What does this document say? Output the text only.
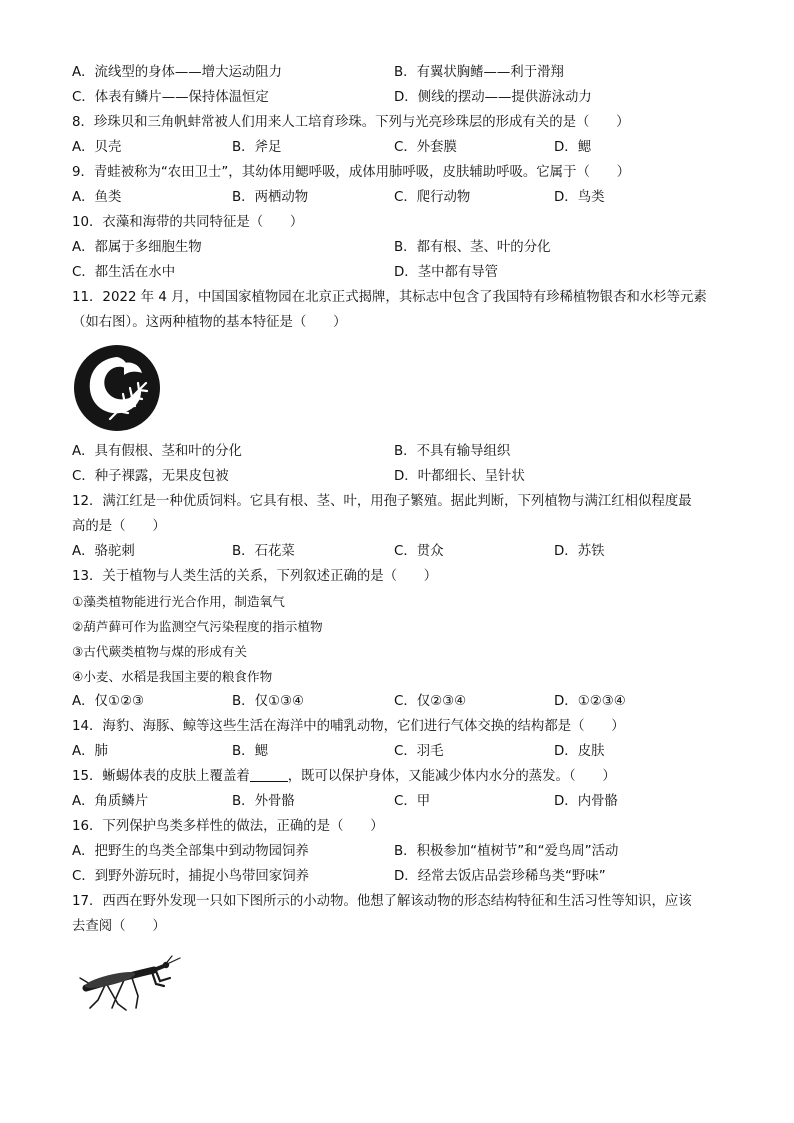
A．流线型的身体——增大运动阻力	B．有翼状胸鳍——利于滑翔
C．体表有鳞片——保持体温恒定	D．侧线的摆动——提供游泳动力
8．珍珠贝和三角帆蚌常被人们用来人工培育珍珠。下列与光亮珍珠层的形成有关的是（　　）
A．贝壳	B．斧足	C．外套膜	D．鳃
9．青蛙被称为“农田卫士”，其幼体用鳃呼吸，成体用肺呼吸，皮肤辅助呼吸。它属于（　　）
A．鱼类	B．两栖动物	C．爬行动物	D．鸟类
10．衣藻和海带的共同特征是（　　）
A．都属于多细胞生物	B．都有根、茎、叶的分化
C．都生活在水中	D．茎中都有导管
11．2022 年 4 月，中国国家植物园在北京正式揭牌，其标志中包含了我国特有珍稀植物银杏和水杉等元素
（如右图）。这两种植物的基本特征是（　　）
A．具有假根、茎和叶的分化	B．不具有输导组织
C．种子裸露，无果皮包被	D．叶都细长、呈针状
12．满江红是一种优质饲料。它具有根、茎、叶，用孢子繁殖。据此判断，下列植物与满江红相似程度最
高的是（　　）
A．骆驼刺	B．石花菜	C．贯众	D．苏铁
13．关于植物与人类生活的关系，下列叙述正确的是（　　）
①藻类植物能进行光合作用，制造氧气
②葫芦藓可作为监测空气污染程度的指示植物
③古代蕨类植物与煤的形成有关
④小麦、水稻是我国主要的粮食作物
A．仅①②③	B．仅①③④	C．仅②③④	D．①②③④
14．海豹、海豚、鲸等这些生活在海洋中的哺乳动物，它们进行气体交换的结构都是（　　）
A．肺	B．鳃	C．羽毛	D．皮肤
15．蜥蜴体表的皮肤上覆盖着	，既可以保护身体，又能减少体内水分的蒸发。（　　）
A．角质鳞片	B．外骨骼	C．甲	D．内骨骼
16．下列保护鸟类多样性的做法，正确的是（　　）
A．把野生的鸟类全部集中到动物园饲养	B．积极参加“植树节”和“爱鸟周”活动
C．到野外游玩时，捕捉小鸟带回家饲养	D．经常去饭店品尝珍稀鸟类“野味”
17．西西在野外发现一只如下图所示的小动物。他想了解该动物的形态结构特征和生活习性等知识，应该
去查阅（　　）
